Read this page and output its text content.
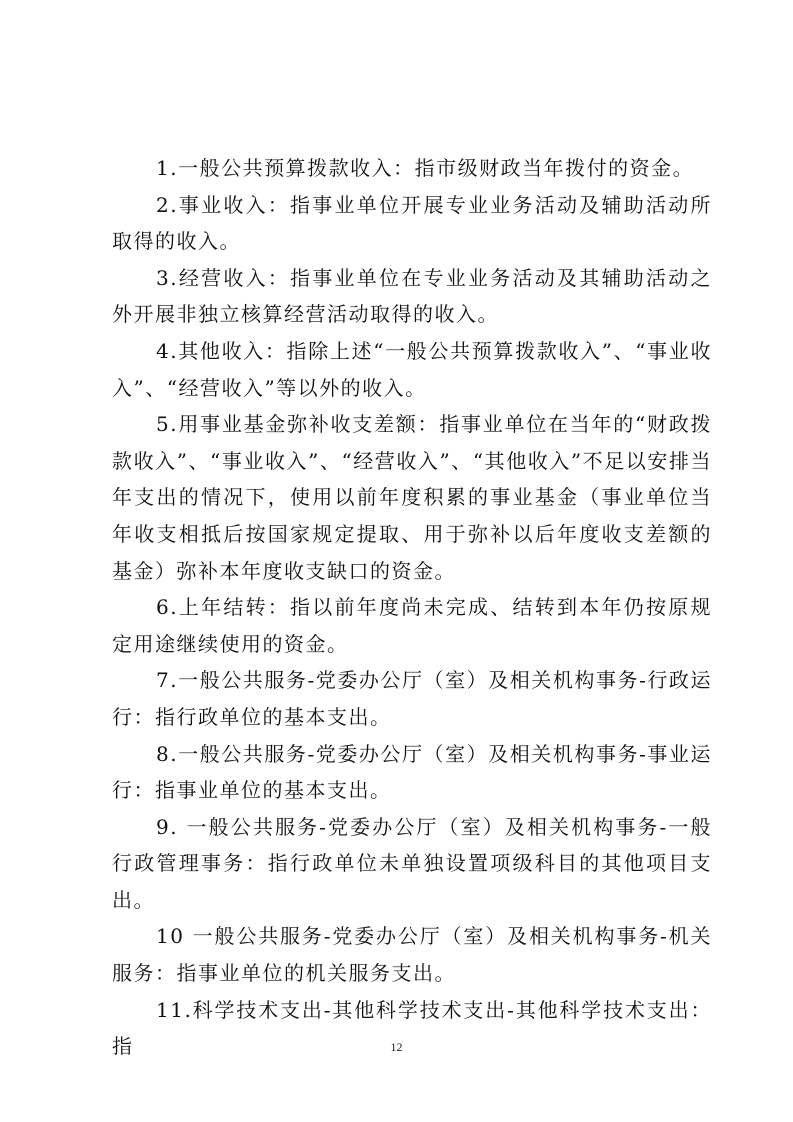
1.一般公共预算拨款收入：指市级财政当年拨付的资金。

2.事业收入：指事业单位开展专业业务活动及辅助活动所取得的收入。

3.经营收入：指事业单位在专业业务活动及其辅助活动之外开展非独立核算经营活动取得的收入。

4.其他收入：指除上述“一般公共预算拨款收入”、“事业收入”、“经营收入”等以外的收入。

5.用事业基金弥补收支差额：指事业单位在当年的“财政拨款收入”、“事业收入”、“经营收入”、“其他收入”不足以安排当年支出的情况下，使用以前年度积累的事业基金（事业单位当年收支相抵后按国家规定提取、用于弥补以后年度收支差额的基金）弥补本年度收支缺口的资金。

6.上年结转：指以前年度尚未完成、结转到本年仍按原规定用途继续使用的资金。

7.一般公共服务-党委办公厅（室）及相关机构事务-行政运行：指行政单位的基本支出。

8.一般公共服务-党委办公厅（室）及相关机构事务-事业运行：指事业单位的基本支出。

9. 一般公共服务-党委办公厅（室）及相关机构事务-一般行政管理事务：指行政单位未单独设置项级科目的其他项目支出。

10 一般公共服务-党委办公厅（室）及相关机构事务-机关服务：指事业单位的机关服务支出。

11.科学技术支出-其他科学技术支出-其他科学技术支出：指	12
